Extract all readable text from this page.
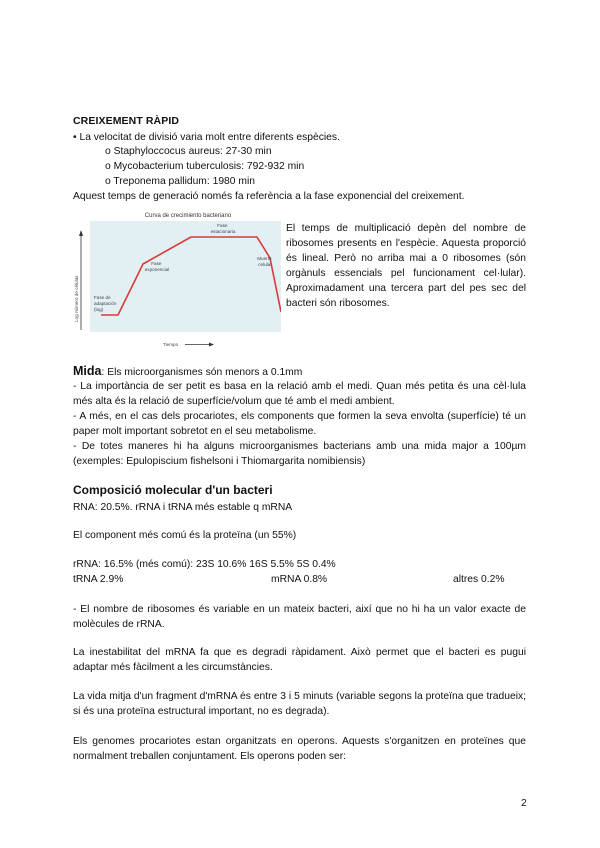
CREIXEMENT RÀPID
• La velocitat de divisió varia molt entre diferents espècies.
o Staphyloccocus aureus: 27-30 min
o Mycobacterium tuberculosis: 792-932 min
o Treponema pallidum: 1980 min
Aquest temps de generació només fa referència a la fase exponencial del creixement.
Curva de crecimiento bacteriano
Log número de células
Tiempo
Fase de adaptación (lag)
Fase exponencial
Fase estacionaria
Muerte celular
El temps de multiplicació depèn del nombre de ribosomes presents en l'espècie. Aquesta proporció és lineal. Però no arriba mai a 0 ribosomes (són orgànuls essencials pel funcionament cel·lular). Aproximadament una tercera part del pes sec del bacteri són ribosomes.
Mida: Els microorganismes són menors a 0.1mm
- La importància de ser petit es basa en la relació amb el medi. Quan més petita és una cèl·lula més alta és la relació de superfície/volum que té amb el medi ambient.
- A més, en el cas dels procariotes, els components que formen la seva envolta (superfície) té un paper molt important sobretot en el seu metabolisme.
- De totes maneres hi ha alguns microorganismes bacterians amb una mida major a 100µm (exemples: Epulopiscium fishelsoni i Thiomargarita nomibiensis)
Composició molecular d'un bacteri
RNA: 20.5%. rRNA i tRNA més estable q mRNA
El component més comú és la proteïna (un 55%)
rRNA: 16.5% (més comú): 23S 10.6% 16S 5.5% 5S 0.4%
tRNA 2.9%	mRNA 0.8%	altres 0.2%
- El nombre de ribosomes és variable en un mateix bacteri, així que no hi ha un valor exacte de molècules de rRNA.
La inestabilitat del mRNA fa que es degradi ràpidament. Això permet que el bacteri es pugui adaptar més fàcilment a les circumstàncies.
La vida mitja d'un fragment d'mRNA és entre 3 i 5 minuts (variable segons la proteïna que tradueix; si és una proteïna estructural important, no es degrada).
Els genomes procariotes estan organitzats en operons. Aquests s'organitzen en proteïnes que normalment treballen conjuntament. Els operons poden ser:
2
